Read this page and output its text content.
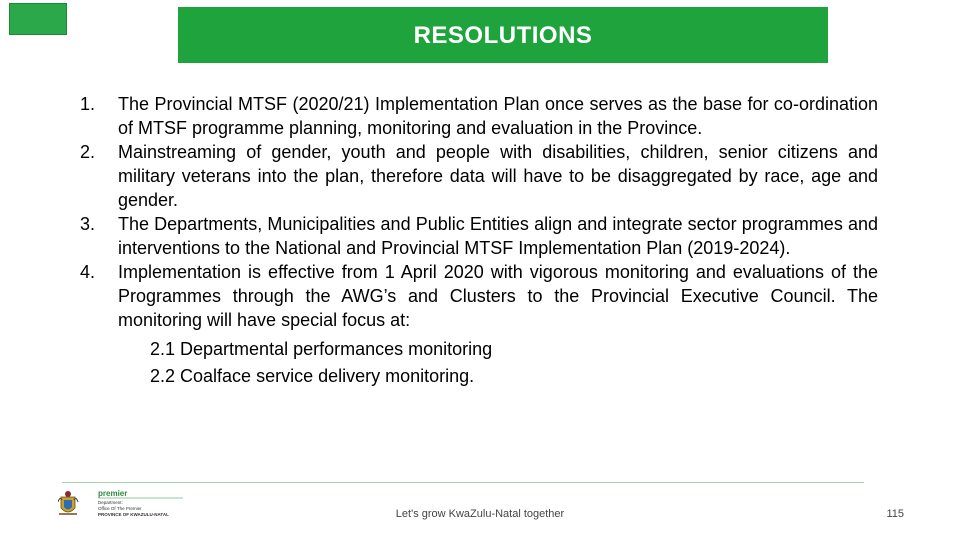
RESOLUTIONS
1.	The Provincial MTSF (2020/21) Implementation Plan once serves as the base for co-ordination of MTSF programme planning, monitoring and evaluation in the Province.
2.	Mainstreaming of gender, youth and people with disabilities, children, senior citizens and military veterans into the plan, therefore data will have to be disaggregated by race, age and gender.
3.	The Departments, Municipalities and Public Entities align and integrate sector programmes and interventions to the National and Provincial MTSF Implementation Plan (2019-2024).
4.	Implementation is effective from 1 April 2020 with vigorous monitoring and evaluations of the Programmes through the AWG’s and Clusters to the Provincial Executive Council. The monitoring will have special focus at:
2.1 Departmental performances monitoring
2.2 Coalface service delivery monitoring.
premier
Department:
Office Of The Premier
PROVINCE OF KWAZULU-NATAL	Let's grow KwaZulu-Natal together	115
